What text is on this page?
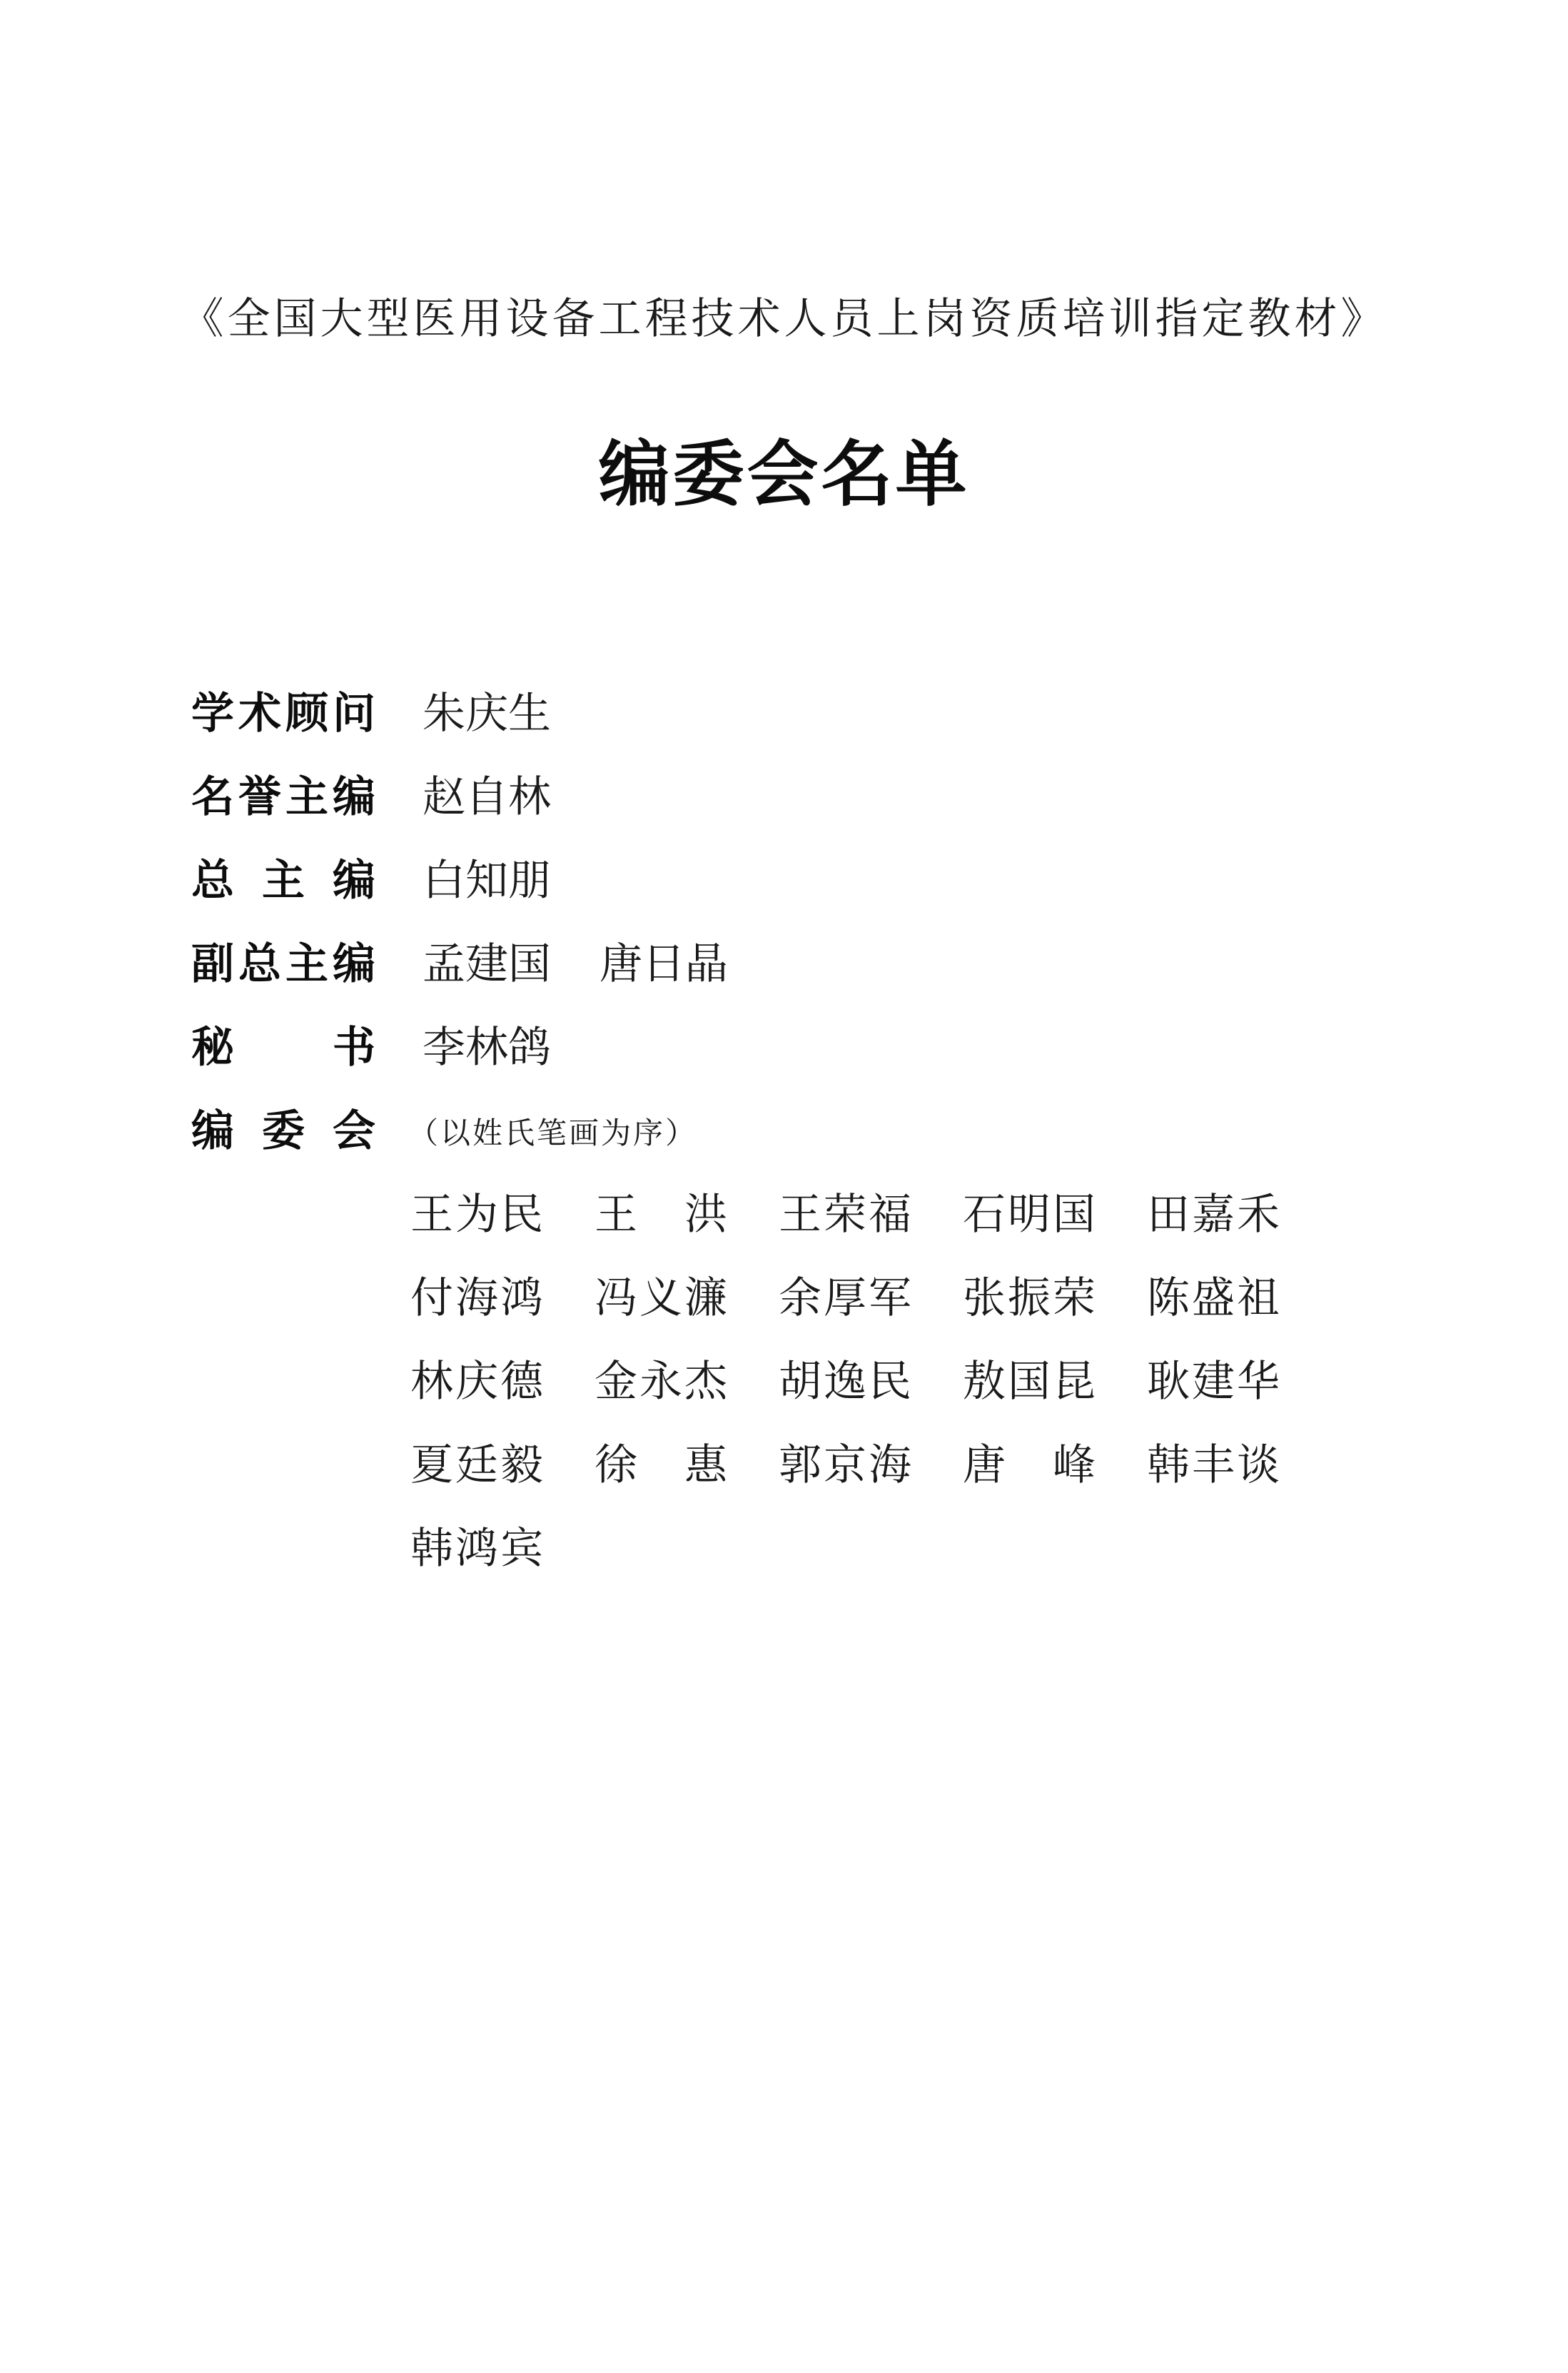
《全国大型医用设备工程技术人员上岗资质培训指定教材》
编委会名单
学 术 顾 问 朱庆生
名 誉 主 编 赵自林
总 主 编 白知朋
副 总 主 编 孟建国 唐日晶
秘 书 李林鸽
编 委 会 （以姓氏笔画为序）
王 为 民 王 洪 王 荣 福 石 明 国 田 嘉 禾
付 海 鸿 冯 义 濂 余 厚 军 张 振 荣 陈 盛 祖
林 庆 德 金 永 杰 胡 逸 民 敖 国 昆 耿 建 华
夏 廷 毅 徐 惠 郭 京 海 唐 峰 韩 丰 谈
韩 鸿 宾
